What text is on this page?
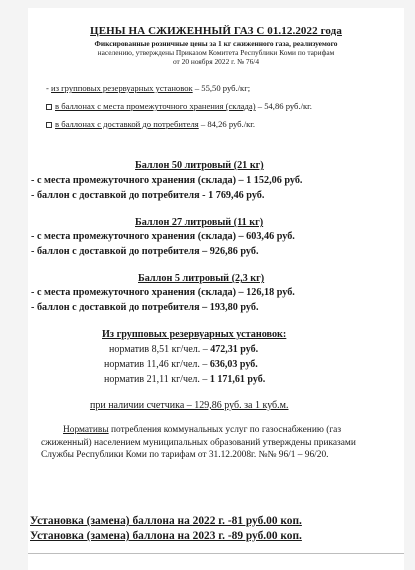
ЦЕНЫ НА СЖИЖЕННЫЙ ГАЗ С 01.12.2022 года
Фиксированные розничные цены за 1 кг сжиженного газа, реализуемого
населению, утверждены Приказом Комитета Республики Коми по тарифам
от 20 ноября 2022 г. № 76/4
- из групповых резервуарных установок – 55,50 руб./кг;
в баллонах с места промежуточного хранения (склада) – 54,86 руб./кг.
в баллонах с доставкой до потребителя – 84,26 руб./кг.
Баллон 50 литровый (21 кг)
- с места промежуточного хранения (склада) – 1 152,06 руб.
- баллон с доставкой до потребителя - 1 769,46 руб.
Баллон 27 литровый (11 кг)
- с места промежуточного хранения (склада) – 603,46 руб.
- баллон с доставкой до потребителя – 926,86 руб.
Баллон 5 литровый (2,3 кг)
- с места промежуточного хранения (склада) – 126,18 руб.
- баллон с доставкой до потребителя – 193,80 руб.
Из групповых резервуарных установок:
норматив 8,51 кг/чел. – 472,31 руб.
норматив 11,46 кг/чел. – 636,03 руб.
норматив 21,11 кг/чел. – 1 171,61 руб.
при наличии счетчика – 129,86 руб. за 1 куб.м.
Нормативы потребления коммунальных услуг по газоснабжению (газ сжиженный) населением муниципальных образований утверждены приказами Службы Республики Коми по тарифам от 31.12.2008г. №№ 96/1 – 96/20.
Установка (замена) баллона на 2022 г. -81 руб.00 коп.
Установка (замена) баллона на 2023 г. -89 руб.00 коп.
